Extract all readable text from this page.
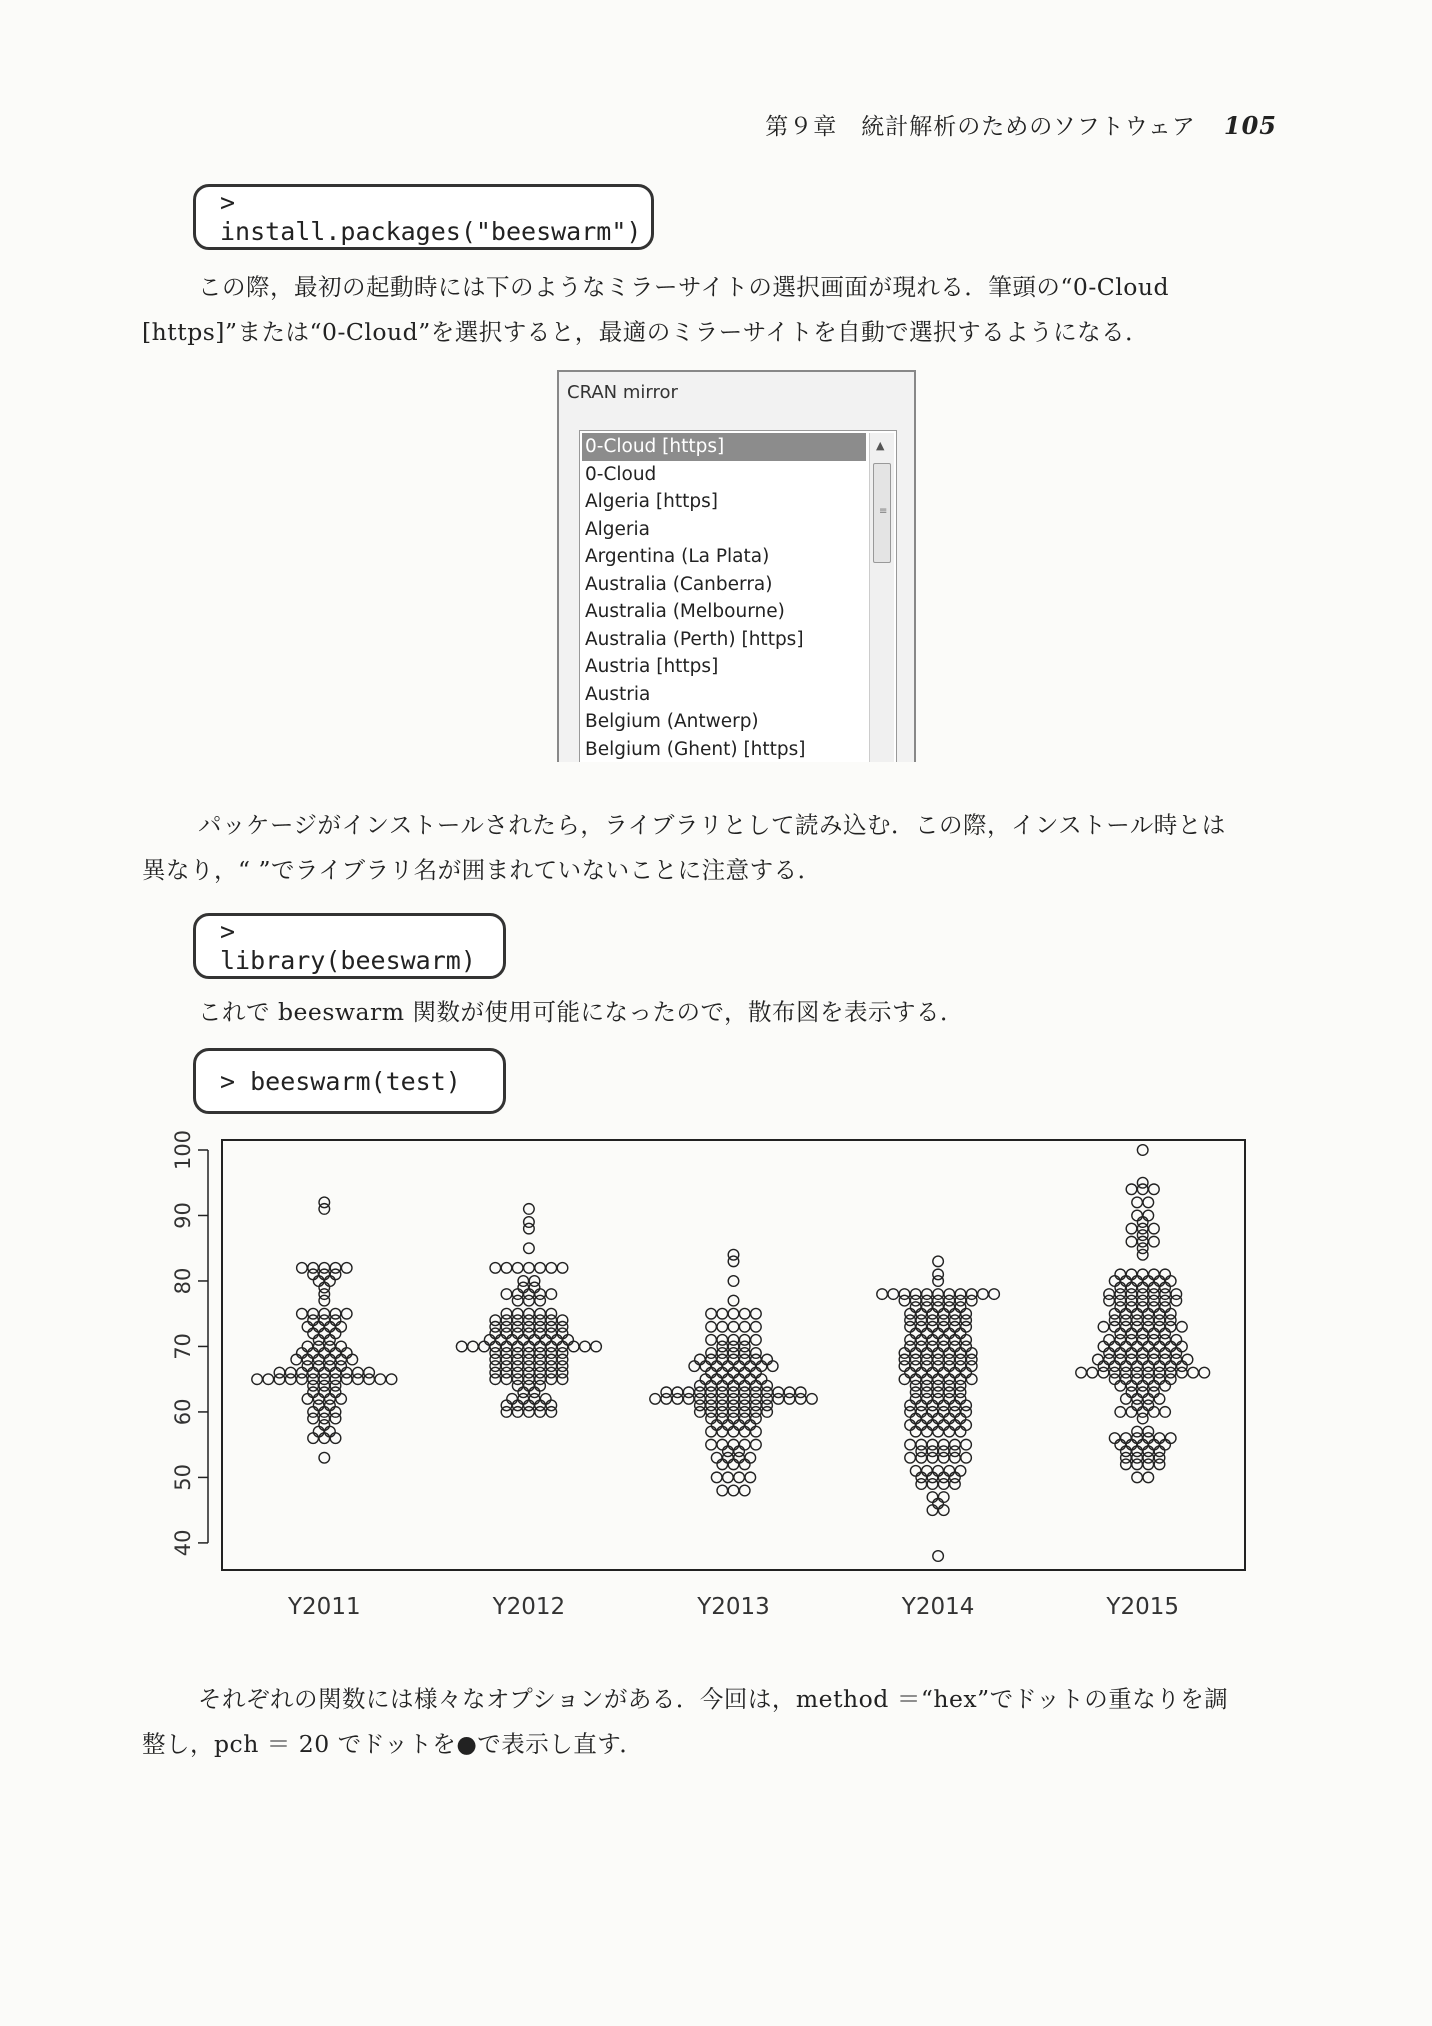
第９章　統計解析のためのソフトウェア 105
> install.packages("beeswarm")
この際，最初の起動時には下のようなミラーサイトの選択画面が現れる．筆頭の“0-Cloud
[https]”または“0-Cloud”を選択すると，最適のミラーサイトを自動で選択するようになる．
CRAN mirror
0-Cloud [https]
0-Cloud
Algeria [https]
Algeria
Argentina (La Plata)
Australia (Canberra)
Australia (Melbourne)
Australia (Perth) [https]
Austria [https]
Austria
Belgium (Antwerp)
Belgium (Ghent) [https]
▲
≡
パッケージがインストールされたら，ライブラリとして読み込む．この際，インストール時とは
異なり，“ ”でライブラリ名が囲まれていないことに注意する．
> library(beeswarm)
これで beeswarm 関数が使用可能になったので，散布図を表示する．
> beeswarm(test)
40
50
60
70
80
90
100
Y2011	Y2012	Y2013	Y2014	Y2015
それぞれの関数には様々なオプションがある．今回は，method ＝“hex”でドットの重なりを調
整し，pch ＝ 20 でドットを●で表示し直す．
